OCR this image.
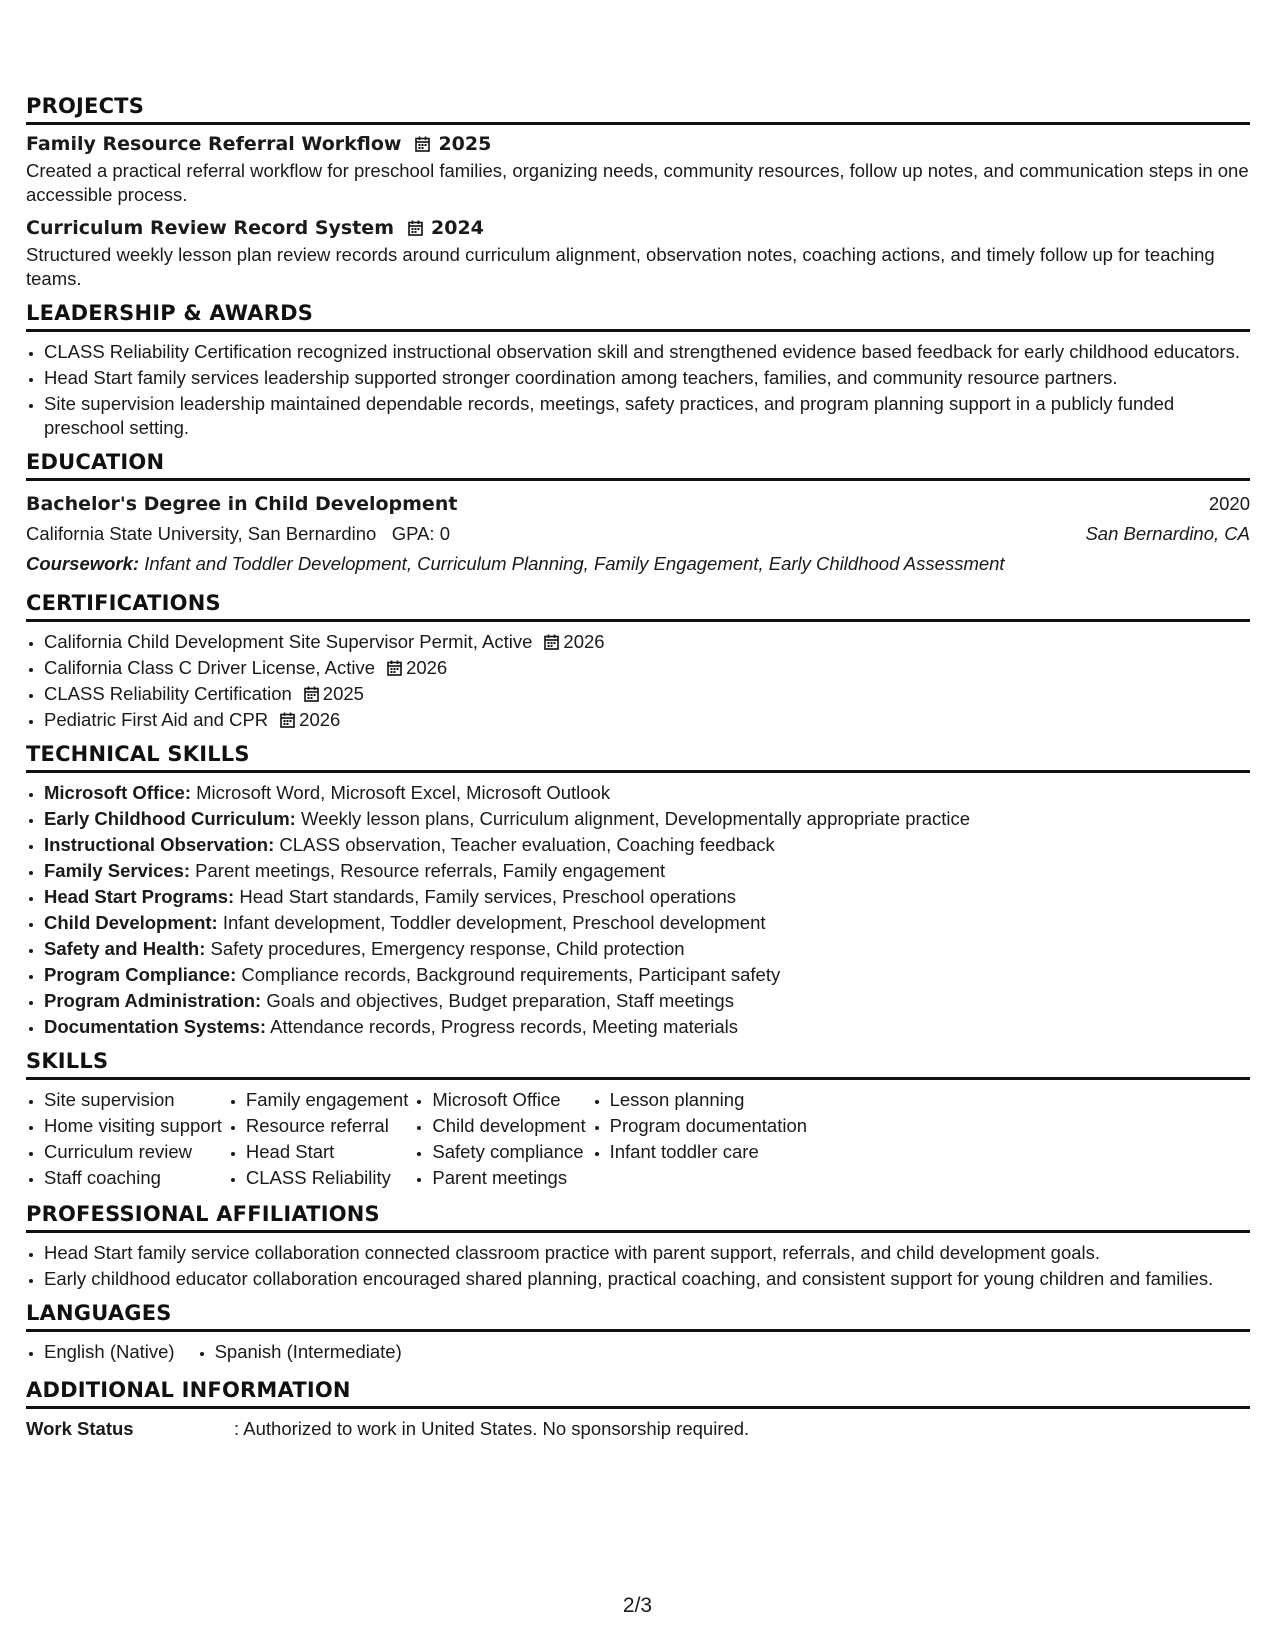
PROJECTS
Family Resource Referral Workflow 2025
Created a practical referral workflow for preschool families, organizing needs, community resources, follow up notes, and communication steps in one accessible process.
Curriculum Review Record System 2024
Structured weekly lesson plan review records around curriculum alignment, observation notes, coaching actions, and timely follow up for teaching teams.
LEADERSHIP & AWARDS
• CLASS Reliability Certification recognized instructional observation skill and strengthened evidence based feedback for early childhood educators.
• Head Start family services leadership supported stronger coordination among teachers, families, and community resource partners.
• Site supervision leadership maintained dependable records, meetings, safety practices, and program planning support in a publicly funded preschool setting.
EDUCATION
Bachelor's Degree in Child Development	2020
California State University, San Bernardino GPA: 0	San Bernardino, CA
Coursework: Infant and Toddler Development, Curriculum Planning, Family Engagement, Early Childhood Assessment
CERTIFICATIONS
• California Child Development Site Supervisor Permit, Active 2026
• California Class C Driver License, Active 2026
• CLASS Reliability Certification 2025
• Pediatric First Aid and CPR 2026
TECHNICAL SKILLS
• Microsoft Office: Microsoft Word, Microsoft Excel, Microsoft Outlook
• Early Childhood Curriculum: Weekly lesson plans, Curriculum alignment, Developmentally appropriate practice
• Instructional Observation: CLASS observation, Teacher evaluation, Coaching feedback
• Family Services: Parent meetings, Resource referrals, Family engagement
• Head Start Programs: Head Start standards, Family services, Preschool operations
• Child Development: Infant development, Toddler development, Preschool development
• Safety and Health: Safety procedures, Emergency response, Child protection
• Program Compliance: Compliance records, Background requirements, Participant safety
• Program Administration: Goals and objectives, Budget preparation, Staff meetings
• Documentation Systems: Attendance records, Progress records, Meeting materials
SKILLS
• Site supervision
• Home visiting support
• Curriculum review
• Staff coaching
• Family engagement
• Resource referral
• Head Start
• CLASS Reliability
• Microsoft Office
• Child development
• Safety compliance
• Parent meetings
• Lesson planning
• Program documentation
• Infant toddler care
PROFESSIONAL AFFILIATIONS
• Head Start family service collaboration connected classroom practice with parent support, referrals, and child development goals.
• Early childhood educator collaboration encouraged shared planning, practical coaching, and consistent support for young children and families.
LANGUAGES
• English (Native)
• Spanish (Intermediate)
ADDITIONAL INFORMATION
Work Status	: Authorized to work in United States. No sponsorship required.
2/3
